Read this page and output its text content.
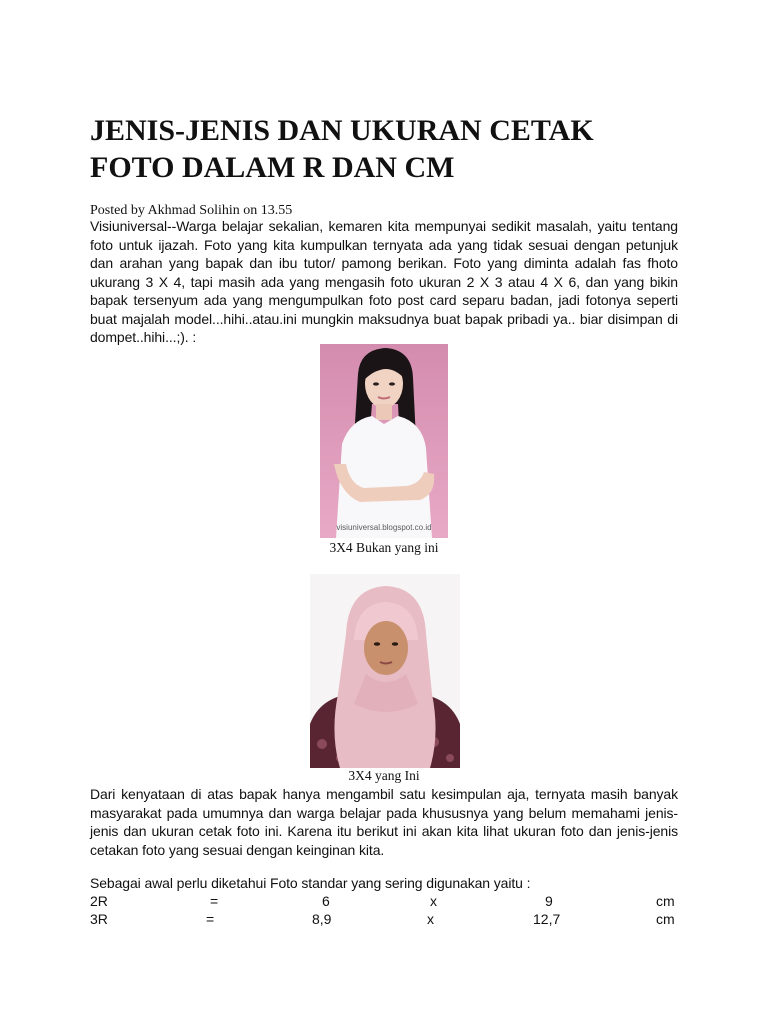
JENIS-JENIS DAN UKURAN CETAK
FOTO DALAM R DAN CM

Posted by Akhmad Solihin on 13.55

Visiuniversal--Warga belajar sekalian, kemaren kita mempunyai sedikit masalah, yaitu tentang foto untuk ijazah. Foto yang kita kumpulkan ternyata ada yang tidak sesuai dengan petunjuk dan arahan yang bapak dan ibu tutor/ pamong berikan. Foto yang diminta adalah fas fhoto ukurang 3 X 4, tapi masih ada yang mengasih foto ukuran 2 X 3 atau 4 X 6, dan yang bikin bapak tersenyum ada yang mengumpulkan foto post card separu badan, jadi fotonya seperti buat majalah model...hihi..atau.ini mungkin maksudnya buat bapak pribadi ya.. biar disimpan di dompet..hihi...;). :

visiuniversal.blogspot.co.id

3X4 Bukan yang ini

3X4 yang Ini

Dari kenyataan di atas bapak hanya mengambil satu kesimpulan aja, ternyata masih banyak masyarakat pada umumnya dan warga belajar pada khususnya yang belum memahami jenis-jenis dan ukuran cetak foto ini. Karena itu berikut ini akan kita lihat ukuran foto dan jenis-jenis cetakan foto yang sesuai dengan keinginan kita.

Sebagai awal perlu diketahui Foto standar yang sering digunakan yaitu :

2R	=	6	x	9	cm
3R	=	8,9	x	12,7	cm
